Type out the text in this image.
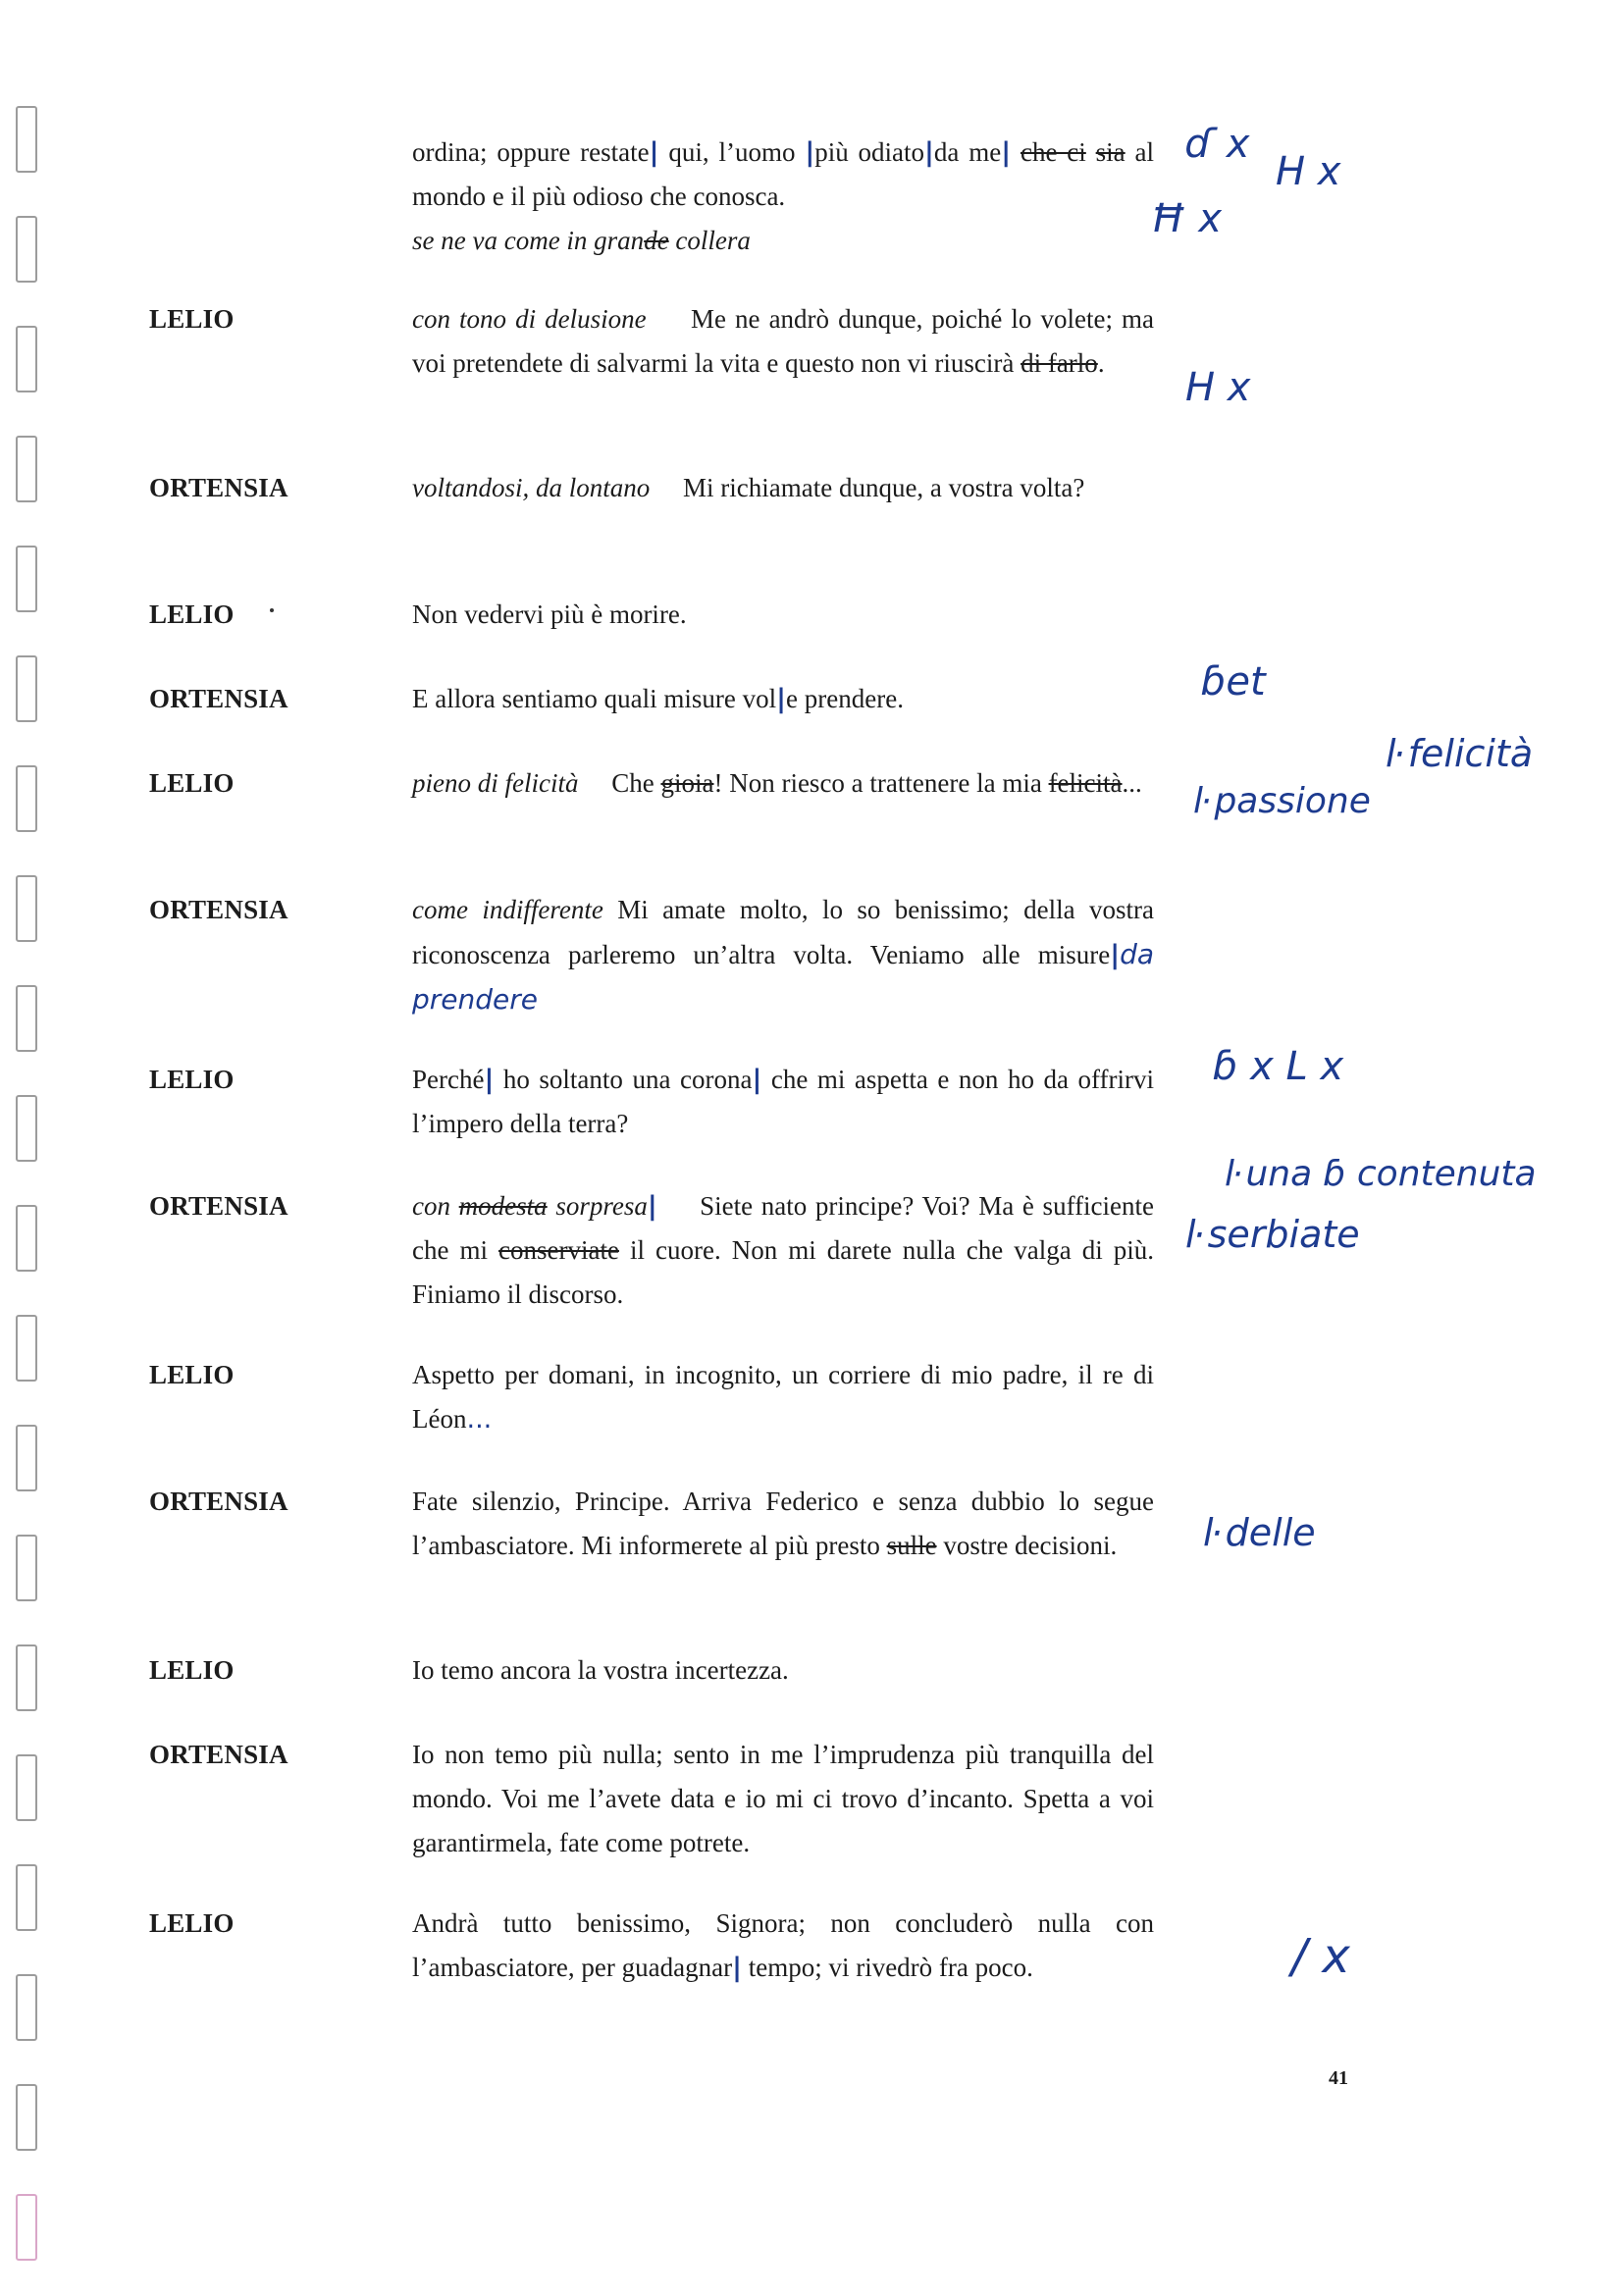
ordina; oppure restate| qui, l’uomo |più odiato|da me| che ci sia al mondo e il più odioso che conosca.

se ne va come in grande collera

LELIO	con tono di delusione Me ne andrò dunque, poiché lo volete; ma voi pretendete di salvarmi la vita e questo non vi riuscirà di farlo.

ORTENSIA	voltandosi, da lontano Mi richiamate dunque, a vostra volta?

LELIO	Non vedervi più è morire.

ORTENSIA	E allora sentiamo quali misure vol|e prendere.

LELIO	pieno di felicità Che gioia! Non riesco a trattenere la mia felicità...

ORTENSIA	come indifferente Mi amate molto, lo so benissimo; della vostra riconoscenza parleremo un’altra volta. Veniamo alle misure|da prendere

LELIO	Perché| ho soltanto una corona| che mi aspetta e non ho da offrirvi l’impero della terra?

ORTENSIA	con modesta sorpresa| Siete nato principe? Voi? Ma è sufficiente che mi conserviate il cuore. Non mi darete nulla che valga di più. Finiamo il discorso.

LELIO	Aspetto per domani, in incognito, un corriere di mio padre, il re di Léon...

ORTENSIA	Fate silenzio, Principe. Arriva Federico e senza dubbio lo segue l’ambasciatore. Mi informerete al più presto sulle vostre decisioni.

LELIO	Io temo ancora la vostra incertezza.

ORTENSIA	Io non temo più nulla; sento in me l’imprudenza più tranquilla del mondo. Voi me l’avete data e io mi ci trovo d’incanto. Spetta a voi garantirmela, fate come potrete.

LELIO	Andrà tutto benissimo, Signora; non concluderò nulla con l’ambasciatore, per guadagnar| tempo; vi rivedrò fra poco.

ɗ x
H x
Ħ x
H x
ɓet
ŀ felicità
ŀ passione
ɓ x L x
ŀ una ɓ contenuta
ŀ serbiate
ŀ delle
/ x
41
